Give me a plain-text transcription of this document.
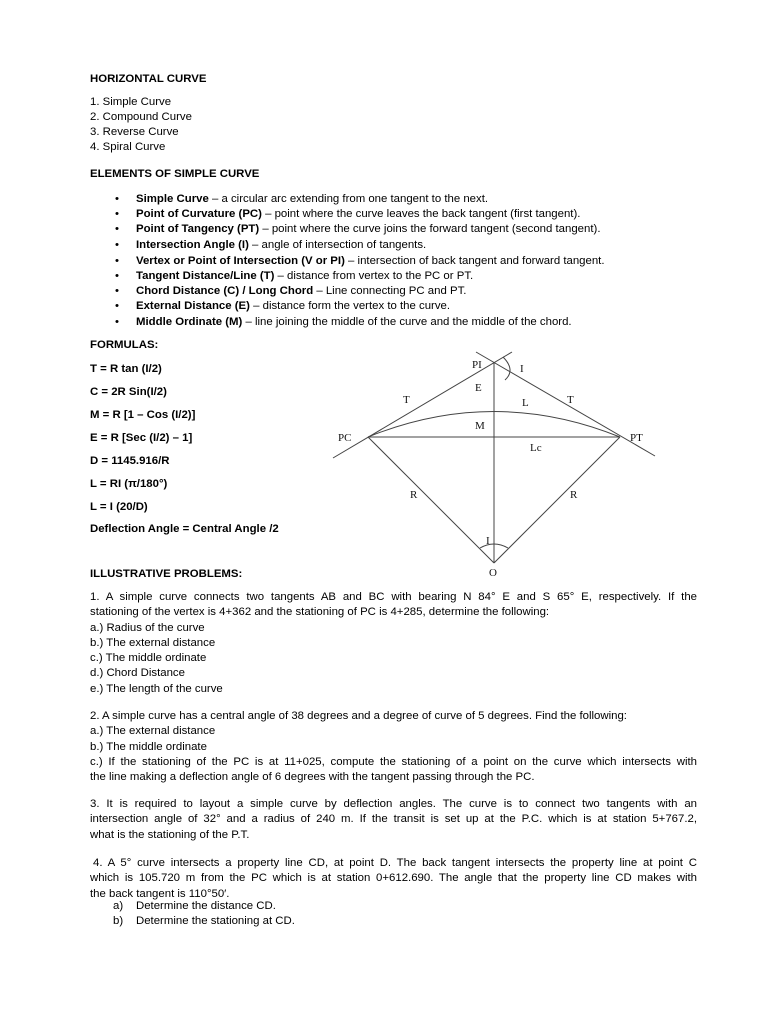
HORIZONTAL CURVE
1. Simple Curve
2. Compound Curve
3. Reverse Curve
4. Spiral Curve
ELEMENTS OF SIMPLE CURVE
• Simple Curve – a circular arc extending from one tangent to the next.
• Point of Curvature (PC) – point where the curve leaves the back tangent (first tangent).
• Point of Tangency (PT) – point where the curve joins the forward tangent (second tangent).
• Intersection Angle (I) – angle of intersection of tangents.
• Vertex or Point of Intersection (V or PI) – intersection of back tangent and forward tangent.
• Tangent Distance/Line (T) – distance from vertex to the PC or PT.
• Chord Distance (C) / Long Chord – Line connecting PC and PT.
• External Distance (E) – distance form the vertex to the curve.
• Middle Ordinate (M) – line joining the middle of the curve and the middle of the chord.
FORMULAS:
T = R tan (I/2)
C = 2R Sin(I/2)
M = R [1 – Cos (I/2)]
E = R [Sec (I/2) – 1]
D = 1145.916/R
L = RI (π/180°)
L = I (20/D)
Deflection Angle = Central Angle /2
PI	I
E
T	T
L
M
PC	PT
Lc
R	R
I
O
ILLUSTRATIVE PROBLEMS:
1. A simple curve connects two tangents AB and BC with bearing N 84° E and S 65° E, respectively. If the
stationing of the vertex is 4+362 and the stationing of PC is 4+285, determine the following:
a.) Radius of the curve
b.) The external distance
c.) The middle ordinate
d.) Chord Distance
e.) The length of the curve
2. A simple curve has a central angle of 38 degrees and a degree of curve of 5 degrees. Find the following:
a.) The external distance
b.) The middle ordinate
c.) If the stationing of the PC is at 11+025, compute the stationing of a point on the curve which intersects with
the line making a deflection angle of 6 degrees with the tangent passing through the PC.
3. It is required to layout a simple curve by deflection angles. The curve is to connect two tangents with an
intersection angle of 32° and a radius of 240 m. If the transit is set up at the P.C. which is at station 5+767.2,
what is the stationing of the P.T.
4. A 5° curve intersects a property line CD, at point D. The back tangent intersects the property line at point C
which is 105.720 m from the PC which is at station 0+612.690. The angle that the property line CD makes with
the back tangent is 110°50′.
a) Determine the distance CD.
b) Determine the stationing at CD.
